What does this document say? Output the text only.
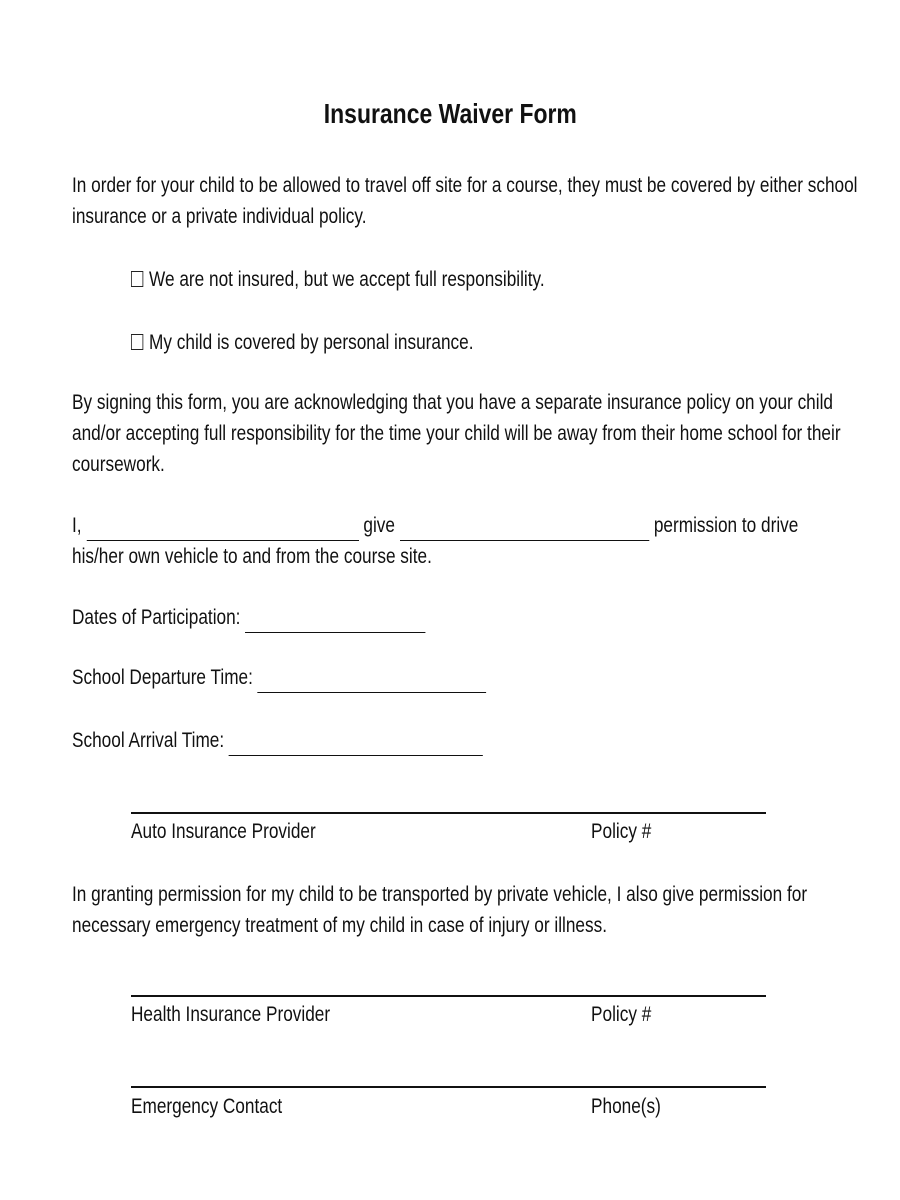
Insurance Waiver Form
In order for your child to be allowed to travel off site for a course, they must be covered by either school
insurance or a private individual policy.
We are not insured, but we accept full responsibility.
My child is covered by personal insurance.
By signing this form, you are acknowledging that you have a separate insurance policy on your child
and/or accepting full responsibility for the time your child will be away from their home school for their
coursework.
I,	give	permission to drive
his/her own vehicle to and from the course site.
Dates of Participation:
School Departure Time:
School Arrival Time:
Auto Insurance Provider	Policy #
In granting permission for my child to be transported by private vehicle, I also give permission for
necessary emergency treatment of my child in case of injury or illness.
Health Insurance Provider	Policy #
Emergency Contact	Phone(s)
